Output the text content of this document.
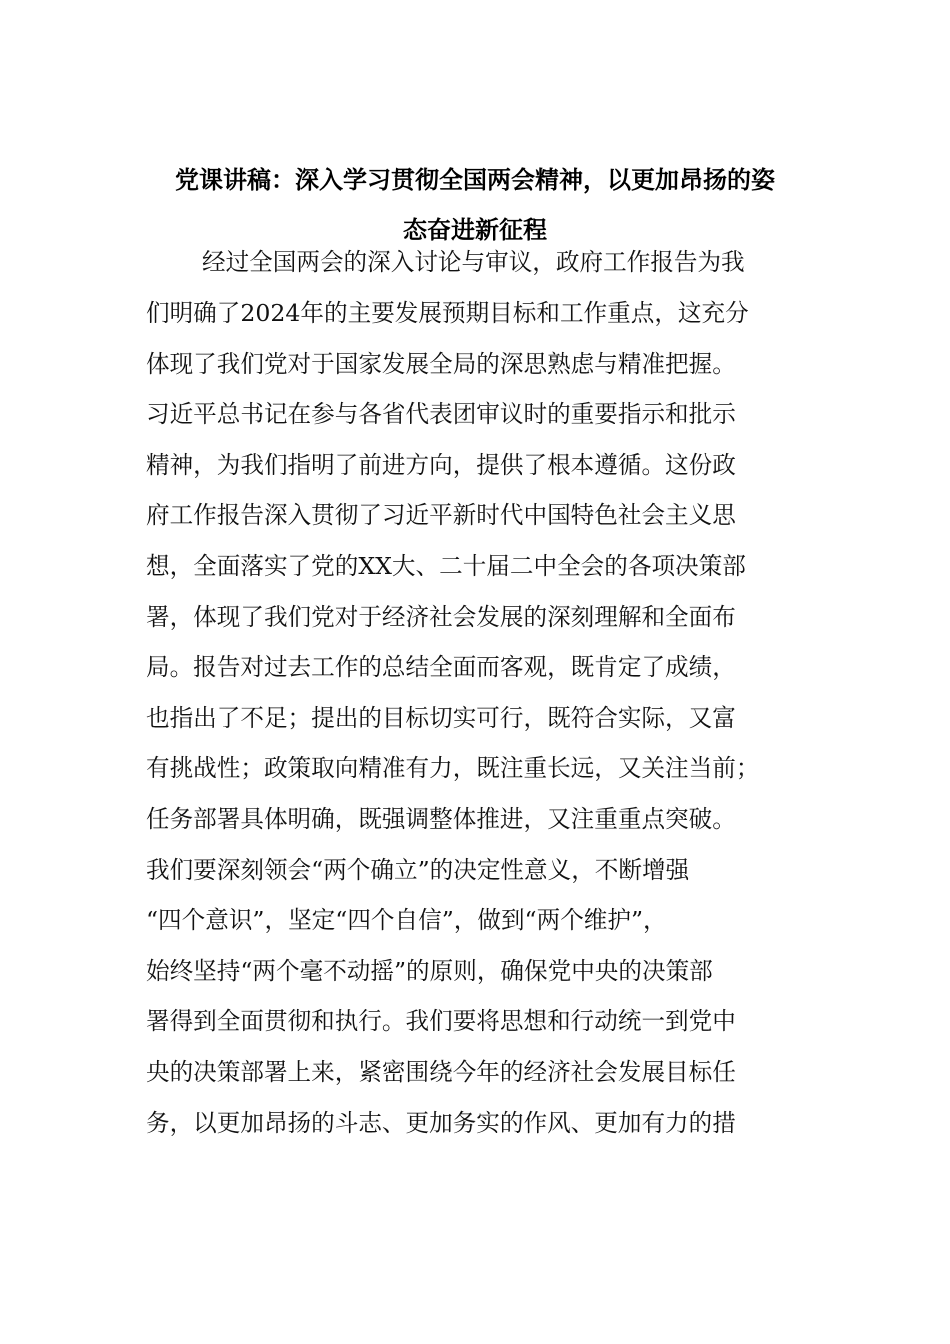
党课讲稿：深入学习贯彻全国两会精神，以更加昂扬的姿
态奋进新征程
经过全国两会的深入讨论与审议，政府工作报告为我
们明确了2024年的主要发展预期目标和工作重点，这充分
体现了我们党对于国家发展全局的深思熟虑与精准把握。
习近平总书记在参与各省代表团审议时的重要指示和批示
精神，为我们指明了前进方向，提供了根本遵循。这份政
府工作报告深入贯彻了习近平新时代中国特色社会主义思
想，全面落实了党的XX大、二十届二中全会的各项决策部
署，体现了我们党对于经济社会发展的深刻理解和全面布
局。报告对过去工作的总结全面而客观，既肯定了成绩，
也指出了不足；提出的目标切实可行，既符合实际，又富
有挑战性；政策取向精准有力，既注重长远，又关注当前；
任务部署具体明确，既强调整体推进，又注重重点突破。
我们要深刻领会“两个确立”的决定性意义，不断增强
“四个意识”，坚定“四个自信”，做到“两个维护”，
始终坚持“两个毫不动摇”的原则，确保党中央的决策部
署得到全面贯彻和执行。我们要将思想和行动统一到党中
央的决策部署上来，紧密围绕今年的经济社会发展目标任
务，以更加昂扬的斗志、更加务实的作风、更加有力的措
